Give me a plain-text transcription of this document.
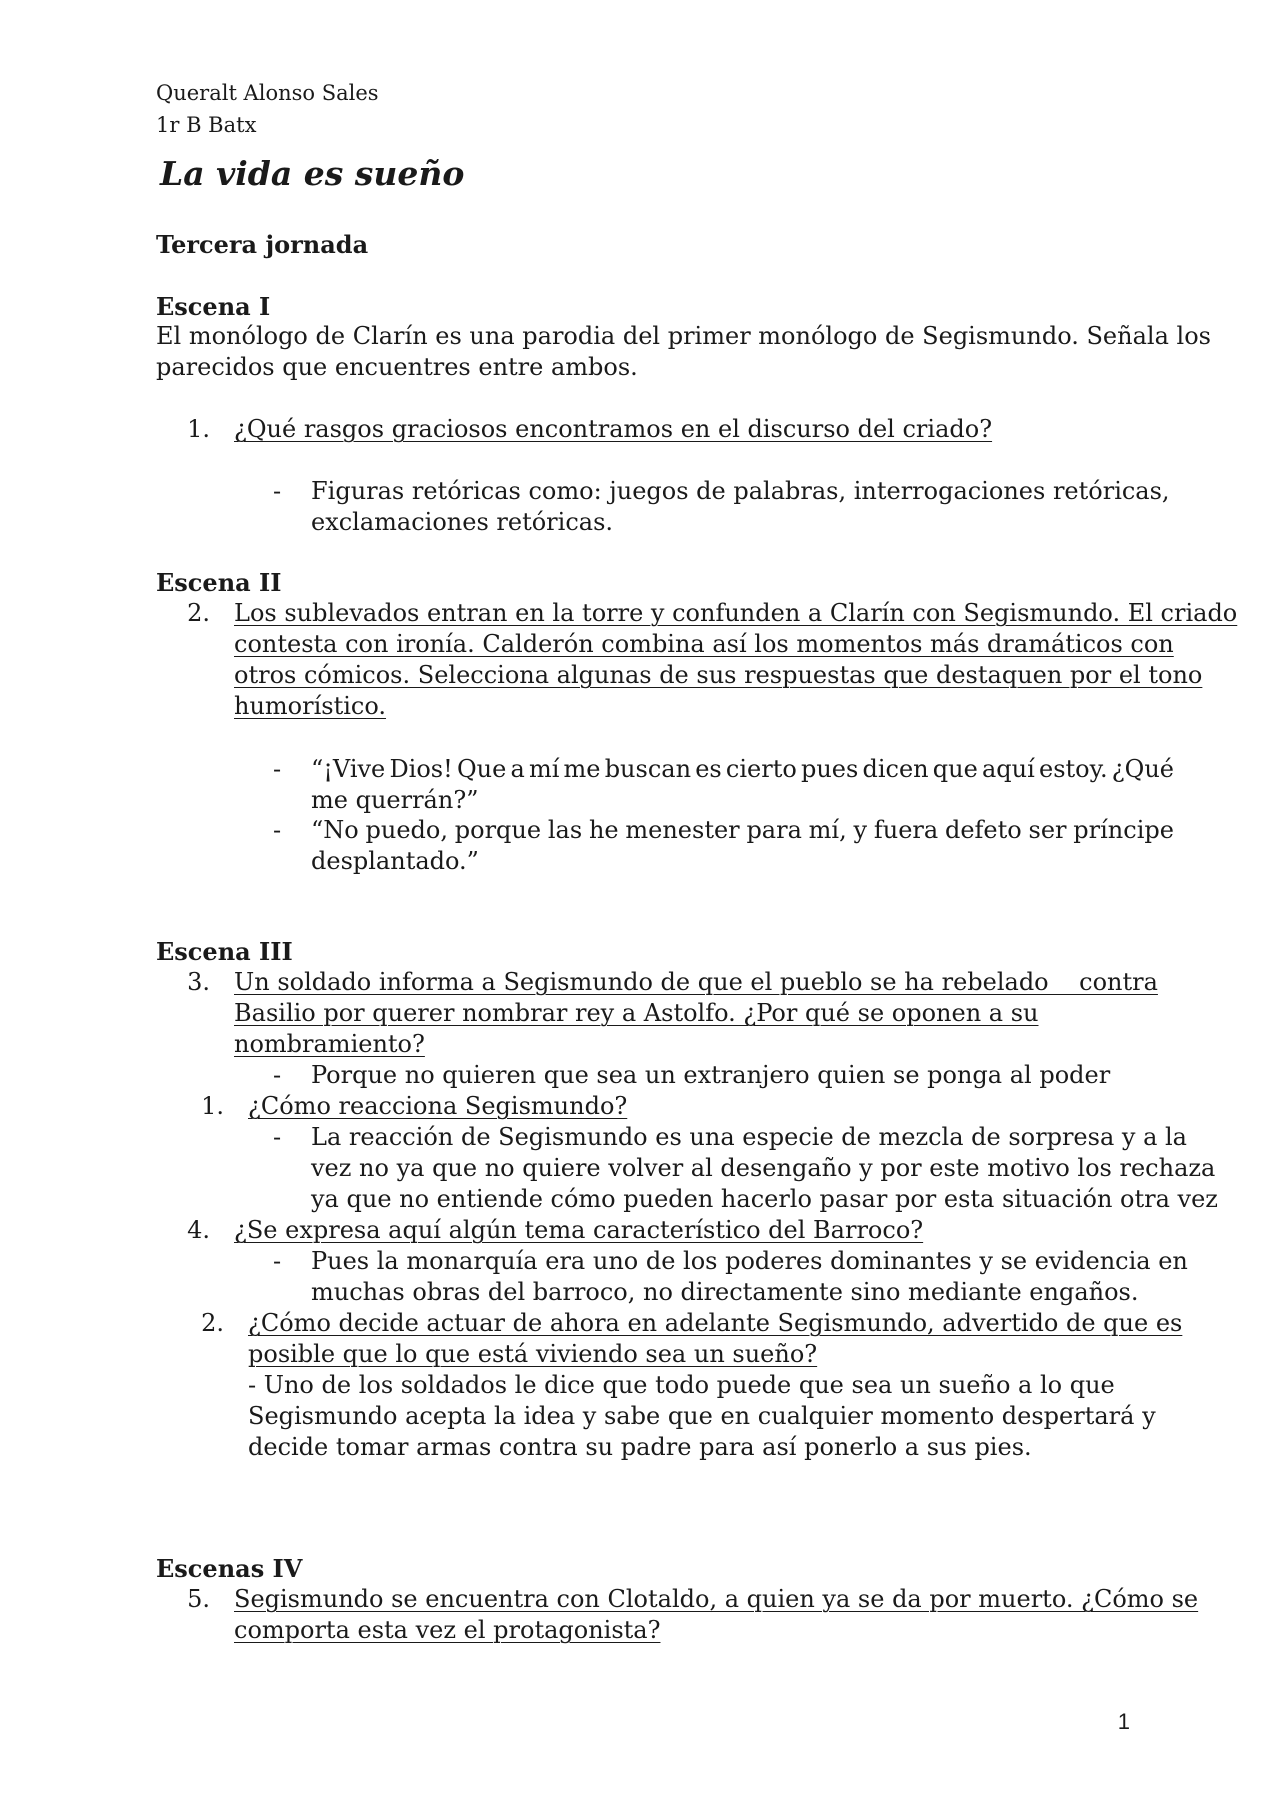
Queralt Alonso Sales
1r B Batx
La vida es sueño
Tercera jornada
Escena I
El monólogo de Clarín es una parodia del primer monólogo de Segismundo. Señala los
parecidos que encuentres entre ambos.
1. ¿Qué rasgos graciosos encontramos en el discurso del criado?
- Figuras retóricas como: juegos de palabras, interrogaciones retóricas,
exclamaciones retóricas.
Escena II
2. Los sublevados entran en la torre y confunden a Clarín con Segismundo. El criado
contesta con ironía. Calderón combina así los momentos más dramáticos con
otros cómicos. Selecciona algunas de sus respuestas que destaquen por el tono
humorístico.
- “¡Vive Dios! Que a mí me buscan es cierto pues dicen que aquí estoy. ¿Qué
me querrán?”
- “No puedo, porque las he menester para mí, y fuera defeto ser príncipe
desplantado.”
Escena III
3. Un soldado informa a Segismundo de que el pueblo se ha rebelado    contra
Basilio por querer nombrar rey a Astolfo. ¿Por qué se oponen a su
nombramiento?
- Porque no quieren que sea un extranjero quien se ponga al poder
1. ¿Cómo reacciona Segismundo?
- La reacción de Segismundo es una especie de mezcla de sorpresa y a la
vez no ya que no quiere volver al desengaño y por este motivo los rechaza
ya que no entiende cómo pueden hacerlo pasar por esta situación otra vez
4. ¿Se expresa aquí algún tema característico del Barroco?
- Pues la monarquía era uno de los poderes dominantes y se evidencia en
muchas obras del barroco, no directamente sino mediante engaños.
2. ¿Cómo decide actuar de ahora en adelante Segismundo, advertido de que es
posible que lo que está viviendo sea un sueño?
- Uno de los soldados le dice que todo puede que sea un sueño a lo que
Segismundo acepta la idea y sabe que en cualquier momento despertará y
decide tomar armas contra su padre para así ponerlo a sus pies.
Escenas IV
5. Segismundo se encuentra con Clotaldo, a quien ya se da por muerto. ¿Cómo se
comporta esta vez el protagonista?
1
